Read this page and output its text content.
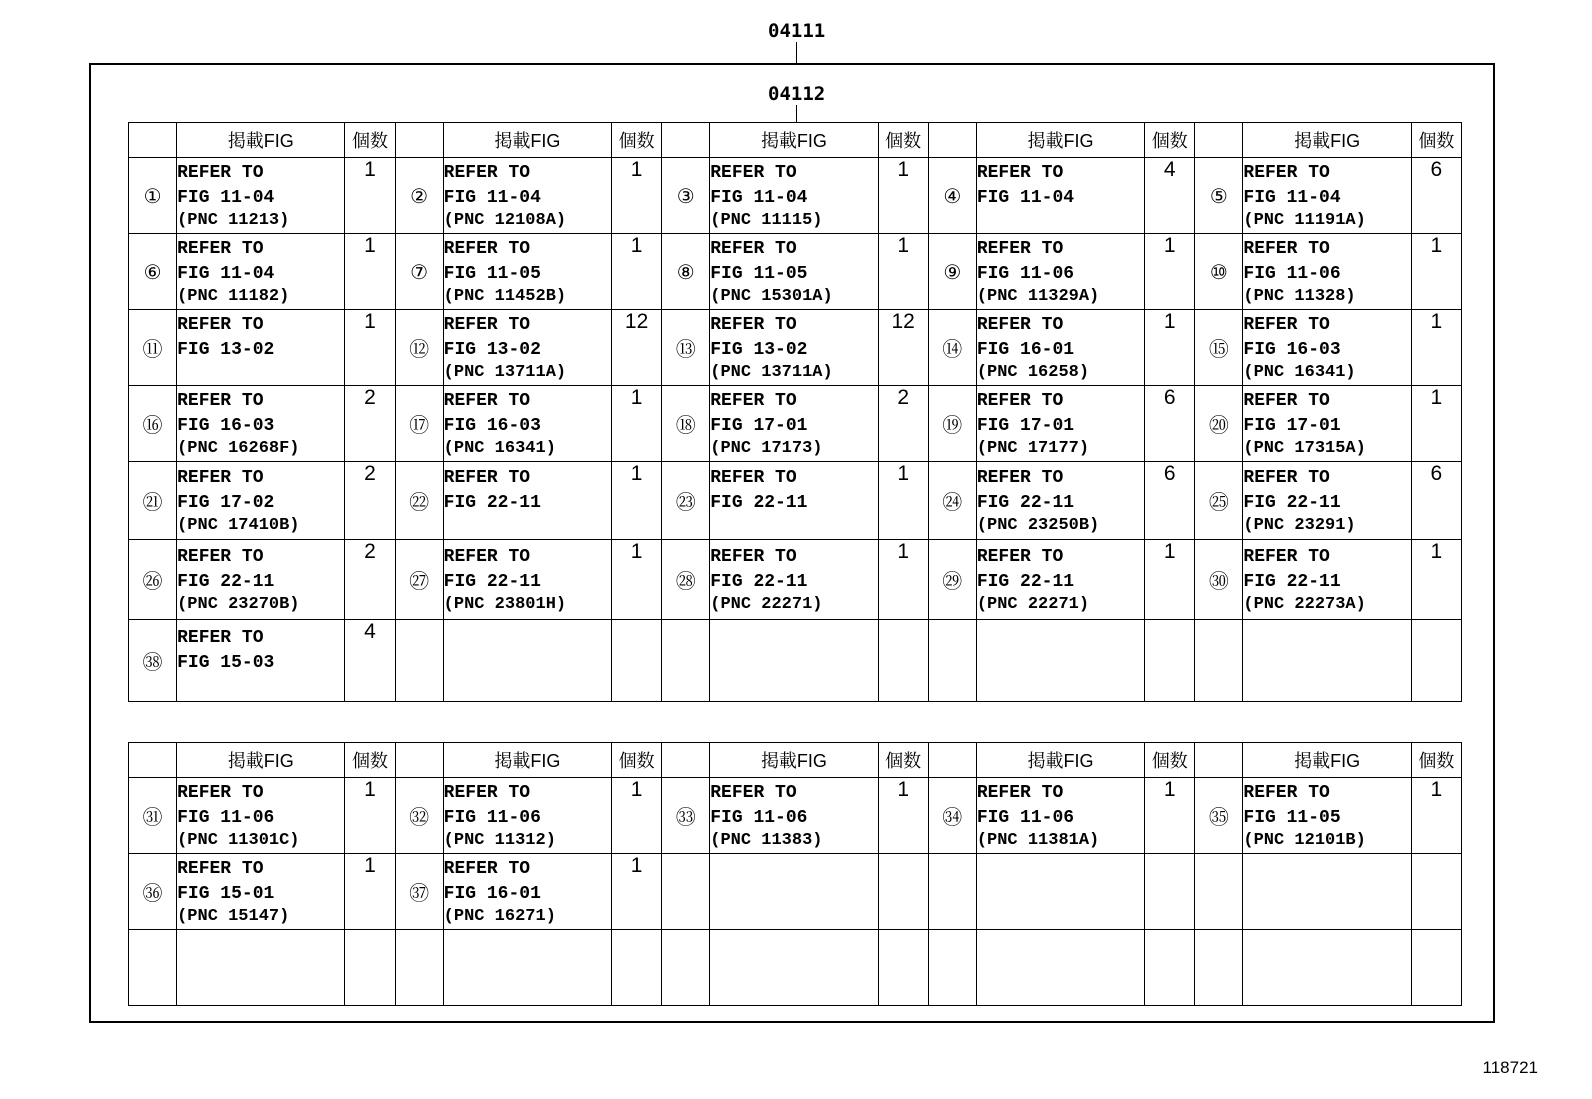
04111
04112
	掲載FIG	個数		掲載FIG	個数		掲載FIG	個数		掲載FIG	個数		掲載FIG	個数
①	REFER TO
FIG 11-04
(PNC 11213)	1	②	REFER TO
FIG 11-04
(PNC 12108A)	1	③	REFER TO
FIG 11-04
(PNC 11115)	1	④	REFER TO
FIG 11-04	4	⑤	REFER TO
FIG 11-04
(PNC 11191A)	6
⑥	REFER TO
FIG 11-04
(PNC 11182)	1	⑦	REFER TO
FIG 11-05
(PNC 11452B)	1	⑧	REFER TO
FIG 11-05
(PNC 15301A)	1	⑨	REFER TO
FIG 11-06
(PNC 11329A)	1	⑩	REFER TO
FIG 11-06
(PNC 11328)	1
⑪	REFER TO
FIG 13-02	1	⑫	REFER TO
FIG 13-02
(PNC 13711A)	12	⑬	REFER TO
FIG 13-02
(PNC 13711A)	12	⑭	REFER TO
FIG 16-01
(PNC 16258)	1	⑮	REFER TO
FIG 16-03
(PNC 16341)	1
⑯	REFER TO
FIG 16-03
(PNC 16268F)	2	⑰	REFER TO
FIG 16-03
(PNC 16341)	1	⑱	REFER TO
FIG 17-01
(PNC 17173)	2	⑲	REFER TO
FIG 17-01
(PNC 17177)	6	⑳	REFER TO
FIG 17-01
(PNC 17315A)	1
㉑	REFER TO
FIG 17-02
(PNC 17410B)	2	㉒	REFER TO
FIG 22-11	1	㉓	REFER TO
FIG 22-11	1	㉔	REFER TO
FIG 22-11
(PNC 23250B)	6	㉕	REFER TO
FIG 22-11
(PNC 23291)	6
㉖	REFER TO
FIG 22-11
(PNC 23270B)	2	㉗	REFER TO
FIG 22-11
(PNC 23801H)	1	㉘	REFER TO
FIG 22-11
(PNC 22271)	1	㉙	REFER TO
FIG 22-11
(PNC 22271)	1	㉚	REFER TO
FIG 22-11
(PNC 22273A)	1
㊳	REFER TO
FIG 15-03	4		

	掲載FIG	個数		掲載FIG	個数		掲載FIG	個数		掲載FIG	個数		掲載FIG	個数
㉛	REFER TO
FIG 11-06
(PNC 11301C)	1	㉜	REFER TO
FIG 11-06
(PNC 11312)	1	㉝	REFER TO
FIG 11-06
(PNC 11383)	1	㉞	REFER TO
FIG 11-06
(PNC 11381A)	1	㉟	REFER TO
FIG 11-05
(PNC 12101B)	1
㊱	REFER TO
FIG 15-01
(PNC 15147)	1	㊲	REFER TO
FIG 16-01
(PNC 16271)	1		

118721
